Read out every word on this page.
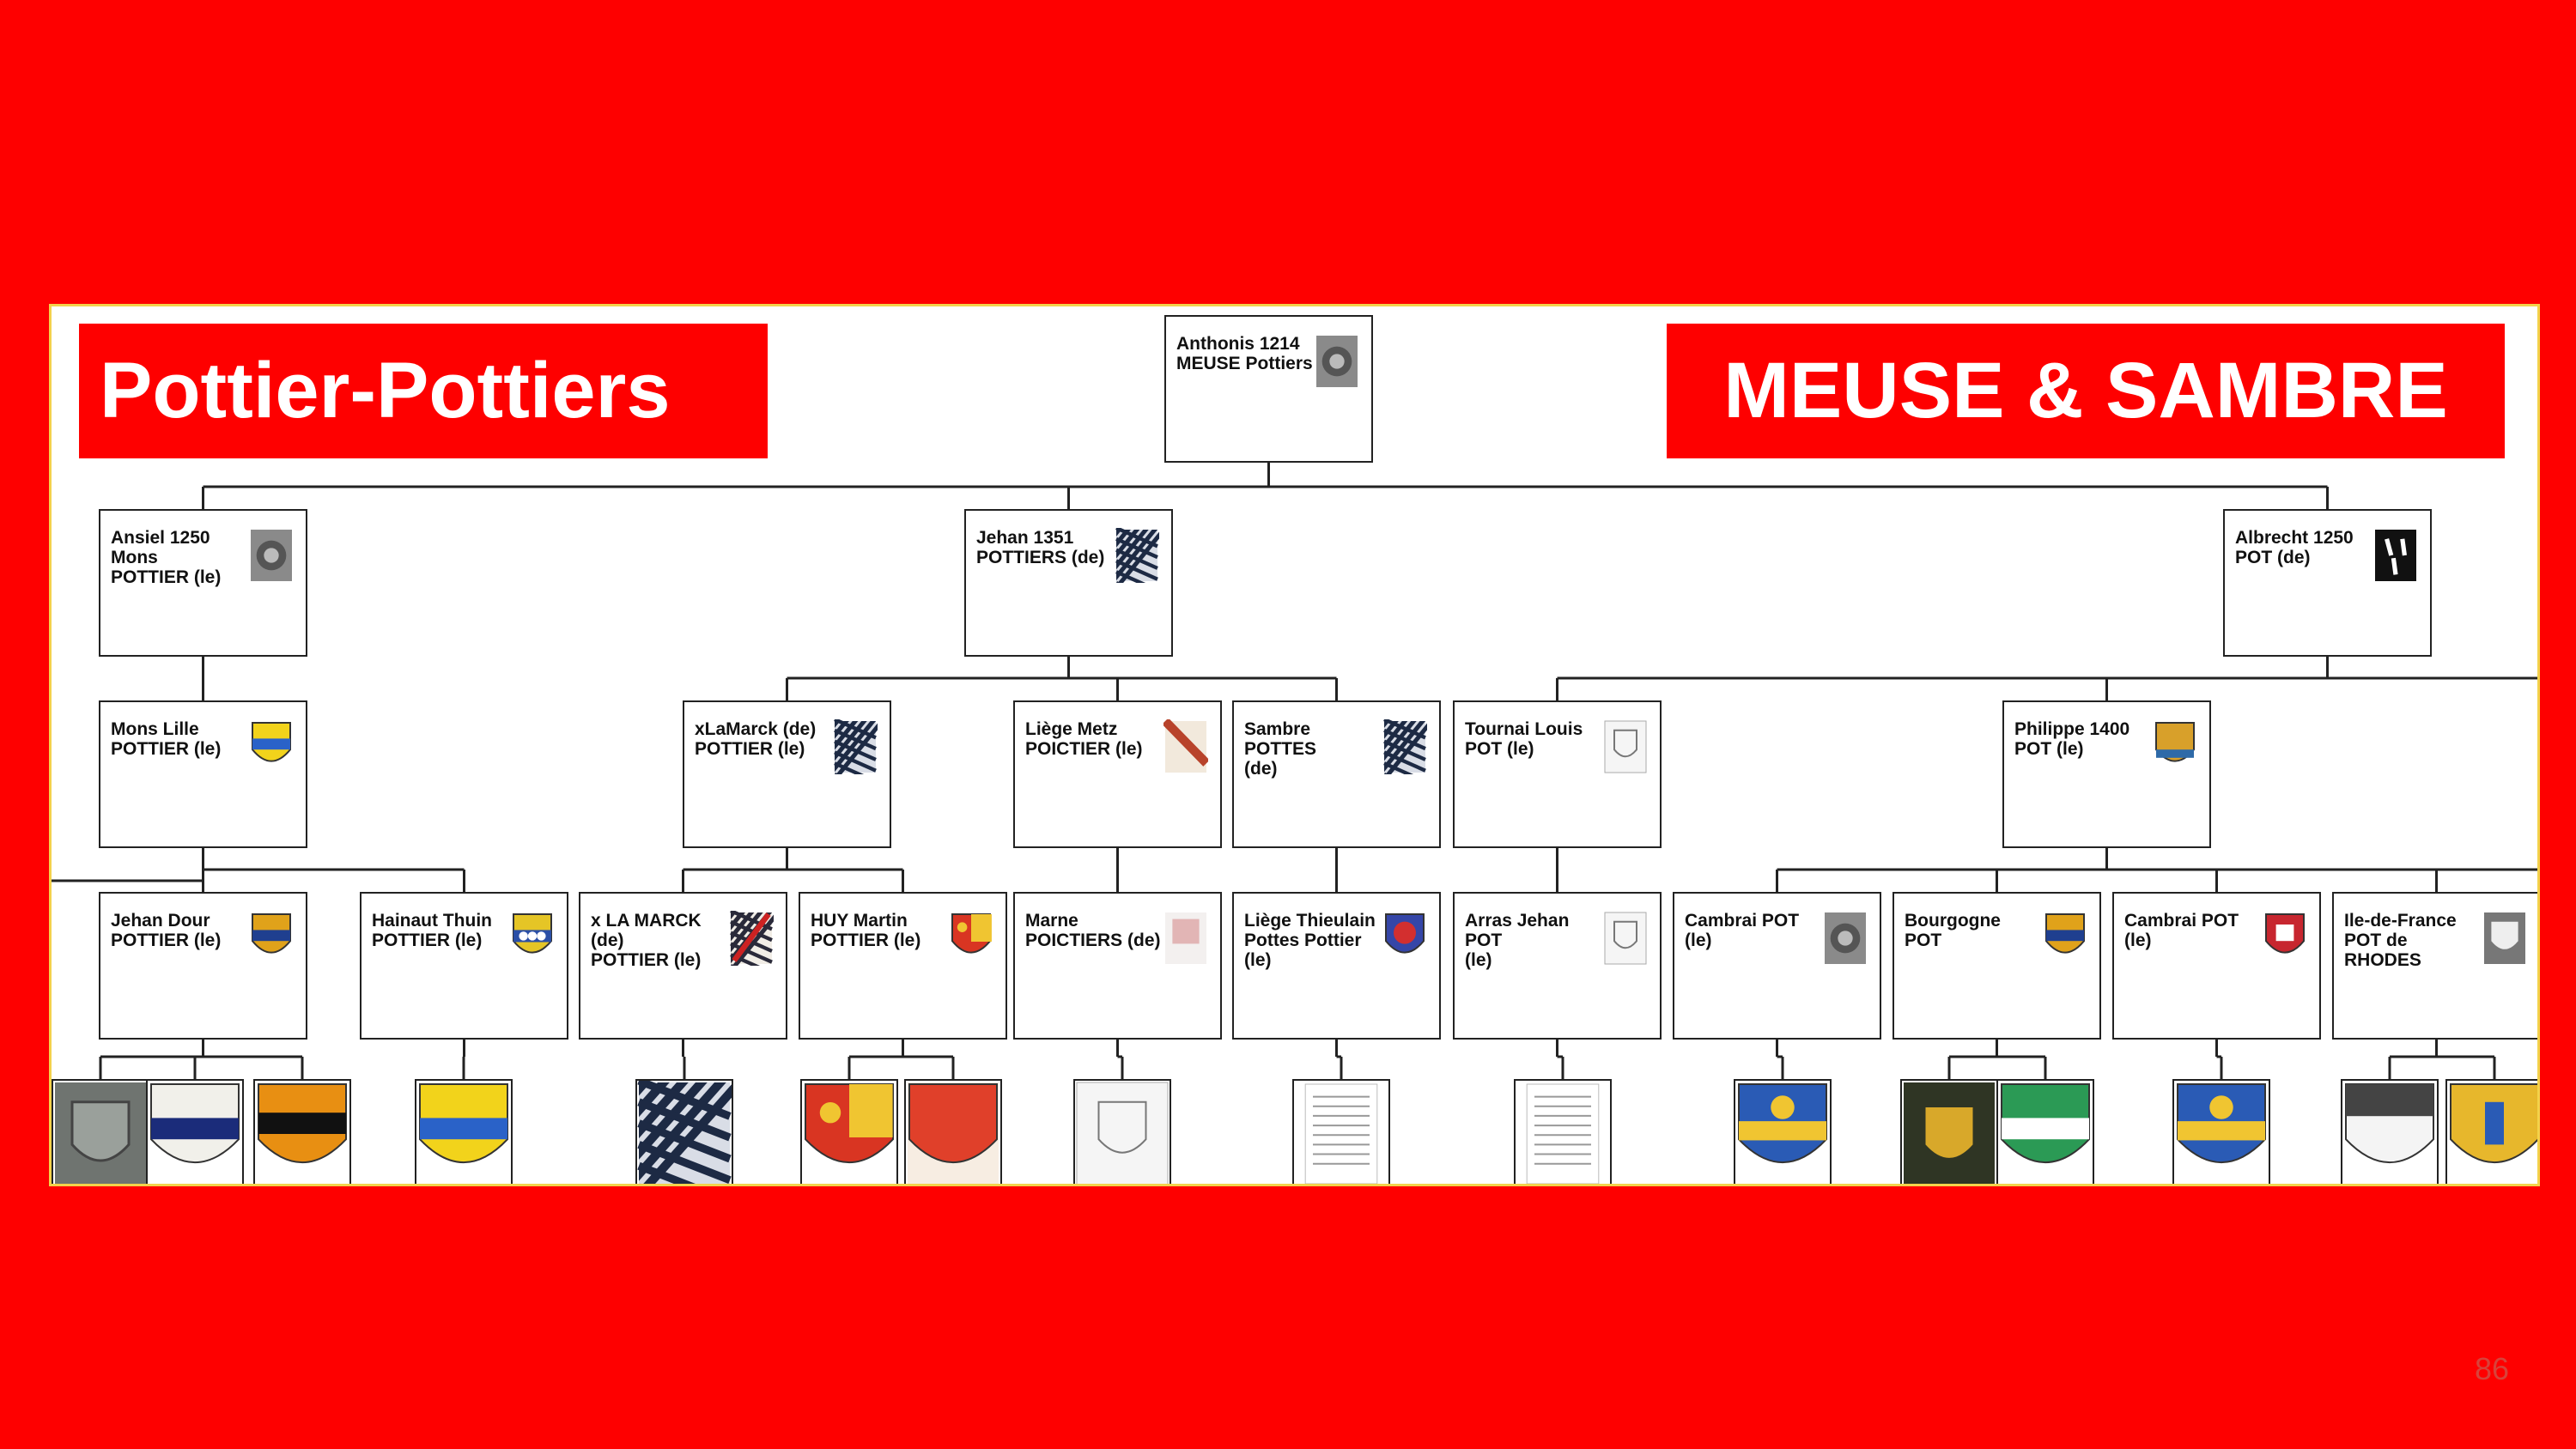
Pottier-Pottiers	MEUSE & SAMBRE
Anthonis 1214
MEUSE Pottiers
Ansiel 1250 Mons
POTTIER (le)
Jehan 1351
POTTIERS (de)
Albrecht 1250
POT (de)
Mons Lille
POTTIER (le)
xLaMarck (de)
POTTIER (le)
Liège Metz
POICTIER (le)
Sambre POTTES
(de)
Tournai Louis
POT (le)
Philippe 1400
POT (le)
Jehan Dour
POTTIER (le)
Hainaut Thuin
POTTIER (le)
x LA MARCK (de)
POTTIER (le)
HUY Martin
POTTIER (le)
Marne
POICTIERS (de)
Liège Thieulain
Pottes Pottier (le)
Arras Jehan POT
(le)
Cambrai POT (le)
Bourgogne POT
Cambrai POT (le)
Ile-de-France
POT de RHODES
86
